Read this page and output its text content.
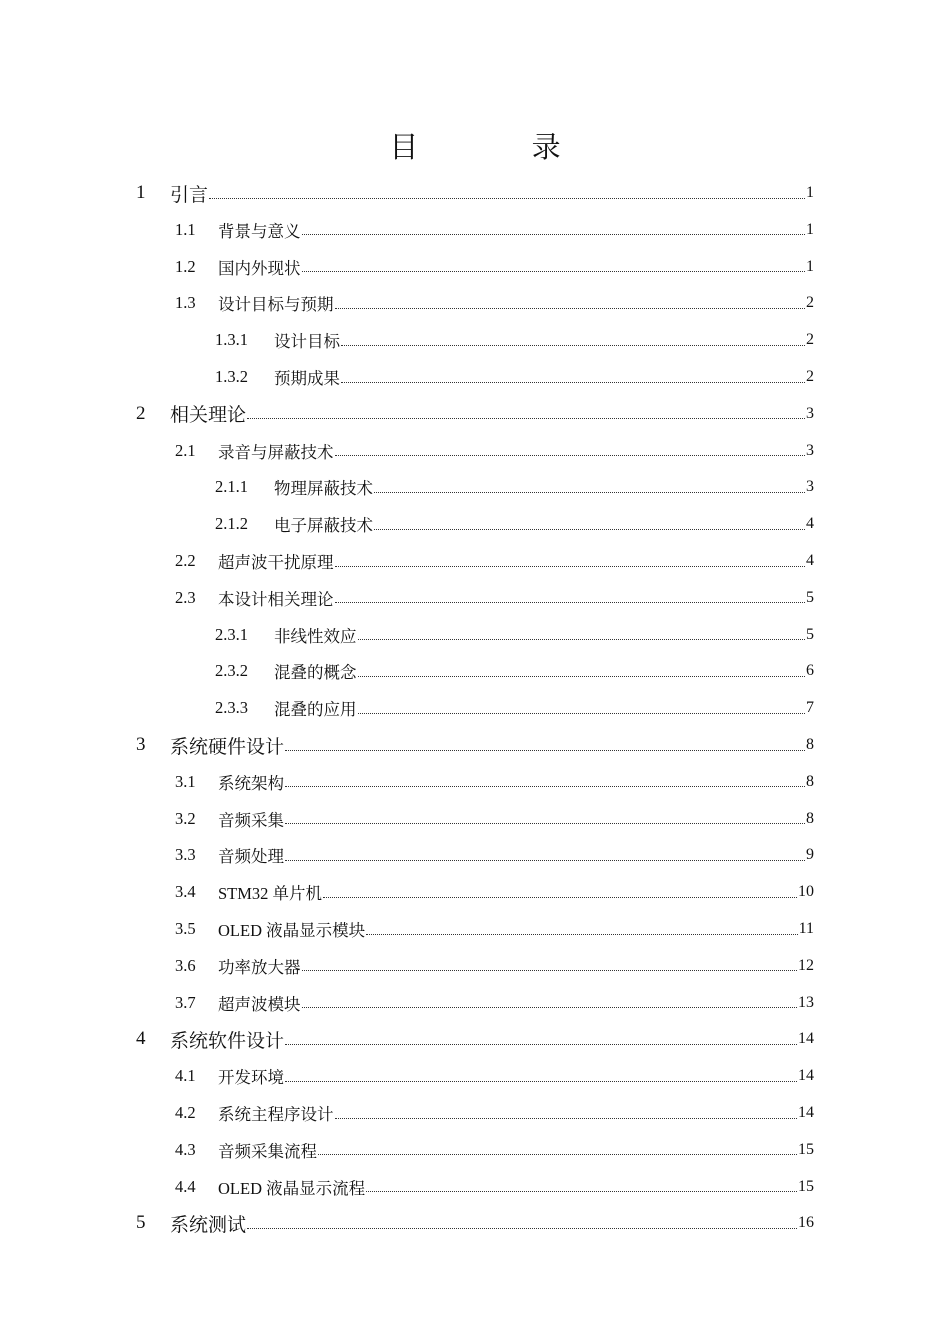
目 录
1	引言	1
1.1	背景与意义	1
1.2	国内外现状	1
1.3	设计目标与预期	2
1.3.1	设计目标	2
1.3.2	预期成果	2
2	相关理论	3
2.1	录音与屏蔽技术	3
2.1.1	物理屏蔽技术	3
2.1.2	电子屏蔽技术	4
2.2	超声波干扰原理	4
2.3	本设计相关理论	5
2.3.1	非线性效应	5
2.3.2	混叠的概念	6
2.3.3	混叠的应用	7
3	系统硬件设计	8
3.1	系统架构	8
3.2	音频采集	8
3.3	音频处理	9
3.4	STM32 单片机	10
3.5	OLED 液晶显示模块	11
3.6	功率放大器	12
3.7	超声波模块	13
4	系统软件设计	14
4.1	开发环境	14
4.2	系统主程序设计	14
4.3	音频采集流程	15
4.4	OLED 液晶显示流程	15
5	系统测试	16
